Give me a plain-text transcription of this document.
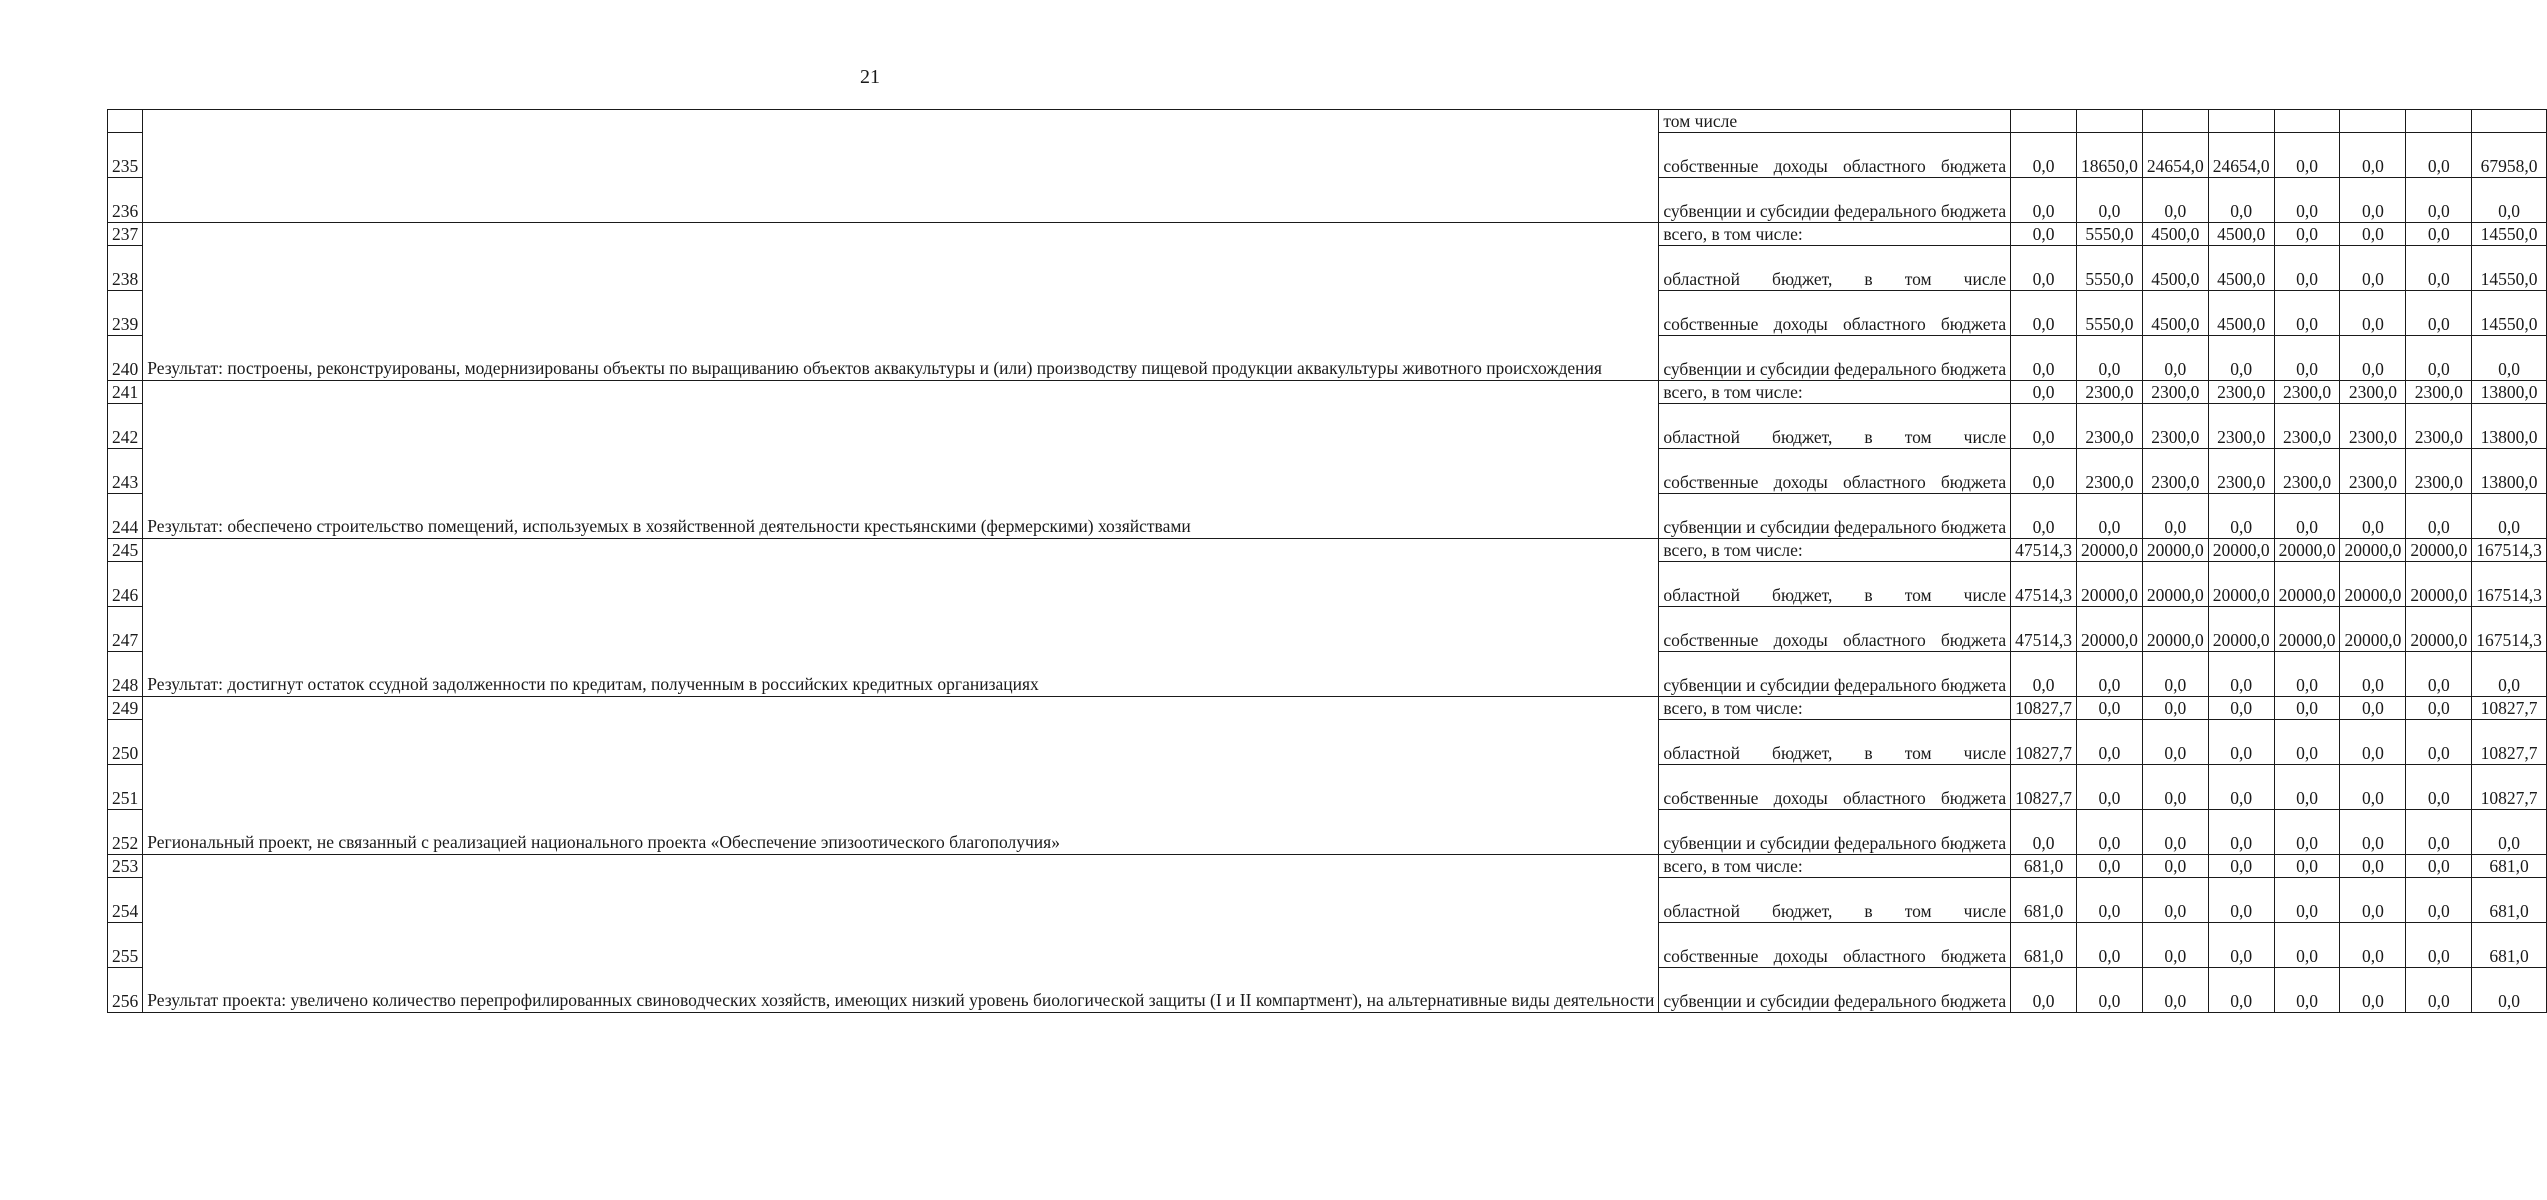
21
		том числе								
235		собственные доходы областного бюджета	0,0	18650,0	24654,0	24654,0	0,0	0,0	0,0	67958,0
236		субвенции и субсидии федерального бюджета	0,0	0,0	0,0	0,0	0,0	0,0	0,0	0,0
237	Результат: построены, реконструированы, модернизированы объекты по выращиванию объектов аквакультуры и (или) производству пищевой продукции аквакультуры животного происхождения	всего, в том числе:	0,0	5550,0	4500,0	4500,0	0,0	0,0	0,0	14550,0
238		областной бюджет, в том числе	0,0	5550,0	4500,0	4500,0	0,0	0,0	0,0	14550,0
239		собственные доходы областного бюджета	0,0	5550,0	4500,0	4500,0	0,0	0,0	0,0	14550,0
240		субвенции и субсидии федерального бюджета	0,0	0,0	0,0	0,0	0,0	0,0	0,0	0,0
241	Результат: обеспечено строительство помещений, используемых в хозяйственной деятельности крестьянскими (фермерскими) хозяйствами	всего, в том числе:	0,0	2300,0	2300,0	2300,0	2300,0	2300,0	2300,0	13800,0
242		областной бюджет, в том числе	0,0	2300,0	2300,0	2300,0	2300,0	2300,0	2300,0	13800,0
243		собственные доходы областного бюджета	0,0	2300,0	2300,0	2300,0	2300,0	2300,0	2300,0	13800,0
244		субвенции и субсидии федерального бюджета	0,0	0,0	0,0	0,0	0,0	0,0	0,0	0,0
245	Результат: достигнут остаток ссудной задолженности по кредитам, полученным в российских кредитных организациях	всего, в том числе:	47514,3	20000,0	20000,0	20000,0	20000,0	20000,0	20000,0	167514,3
246		областной бюджет, в том числе	47514,3	20000,0	20000,0	20000,0	20000,0	20000,0	20000,0	167514,3
247		собственные доходы областного бюджета	47514,3	20000,0	20000,0	20000,0	20000,0	20000,0	20000,0	167514,3
248		субвенции и субсидии федерального бюджета	0,0	0,0	0,0	0,0	0,0	0,0	0,0	0,0
249	Региональный проект, не связанный с реализацией национального проекта «Обеспечение эпизоотического благополучия»	всего, в том числе:	10827,7	0,0	0,0	0,0	0,0	0,0	0,0	10827,7
250		областной бюджет, в том числе	10827,7	0,0	0,0	0,0	0,0	0,0	0,0	10827,7
251		собственные доходы областного бюджета	10827,7	0,0	0,0	0,0	0,0	0,0	0,0	10827,7
252		субвенции и субсидии федерального бюджета	0,0	0,0	0,0	0,0	0,0	0,0	0,0	0,0
253	Результат проекта: увеличено количество перепрофилированных свиноводческих хозяйств, имеющих низкий уровень биологической защиты (I и II компартмент), на альтернативные виды деятельности	всего, в том числе:	681,0	0,0	0,0	0,0	0,0	0,0	0,0	681,0
254		областной бюджет, в том числе	681,0	0,0	0,0	0,0	0,0	0,0	0,0	681,0
255		собственные доходы областного бюджета	681,0	0,0	0,0	0,0	0,0	0,0	0,0	681,0
256		субвенции и субсидии федерального бюджета	0,0	0,0	0,0	0,0	0,0	0,0	0,0	0,0
